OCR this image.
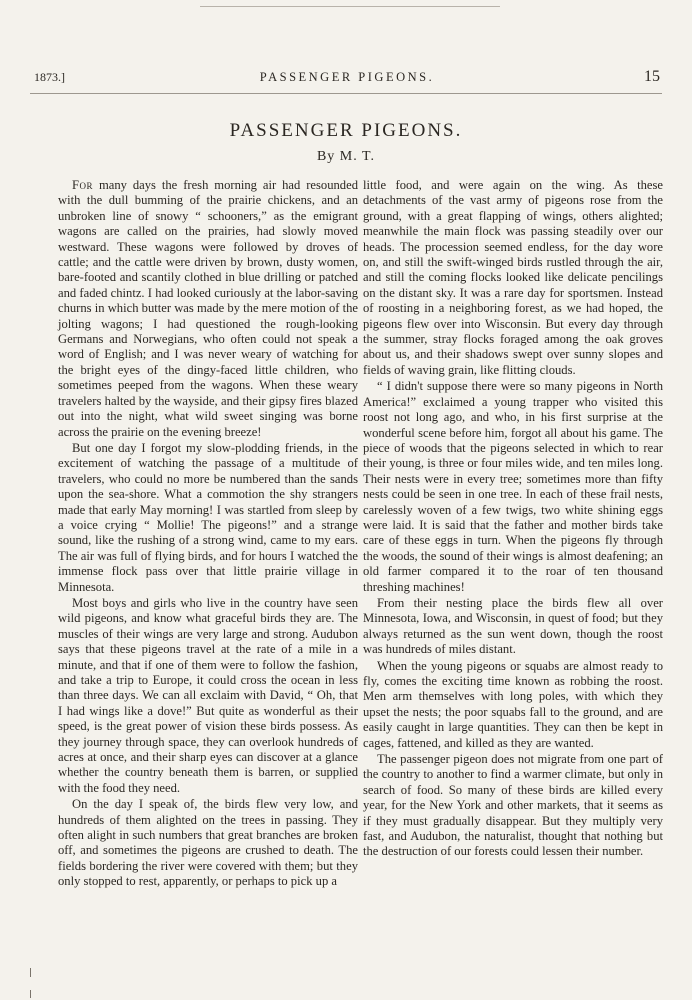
1873.]	PASSENGER PIGEONS.	15
PASSENGER PIGEONS.
By M. T.

For many days the fresh morning air had resounded with the dull bumming of the prairie chickens, and an unbroken line of snowy “ schooners,” as the emigrant wagons are called on the prairies, had slowly moved westward. These wagons were followed by droves of cattle; and the cattle were driven by brown, dusty women, bare-footed and scantily clothed in blue drilling or patched and faded chintz. I had looked curiously at the labor-saving churns in which butter was made by the mere motion of the jolting wagons; I had questioned the rough-looking Germans and Norwegians, who often could not speak a word of English; and I was never weary of watching for the bright eyes of the dingy-faced little children, who sometimes peeped from the wagons. When these weary travelers halted by the wayside, and their gipsy fires blazed out into the night, what wild sweet singing was borne across the prairie on the evening breeze!

But one day I forgot my slow-plodding friends, in the excitement of watching the passage of a multitude of travelers, who could no more be numbered than the sands upon the sea-shore. What a commotion the shy strangers made that early May morning! I was startled from sleep by a voice crying “ Mollie! The pigeons!” and a strange sound, like the rushing of a strong wind, came to my ears. The air was full of flying birds, and for hours I watched the immense flock pass over that little prairie village in Minnesota.

Most boys and girls who live in the country have seen wild pigeons, and know what graceful birds they are. The muscles of their wings are very large and strong. Audubon says that these pigeons travel at the rate of a mile in a minute, and that if one of them were to follow the fashion, and take a trip to Europe, it could cross the ocean in less than three days. We can all exclaim with David, “ Oh, that I had wings like a dove!” But quite as wonderful as their speed, is the great power of vision these birds possess. As they journey through space, they can overlook hundreds of acres at once, and their sharp eyes can discover at a glance whether the country beneath them is barren, or supplied with the food they need.

On the day I speak of, the birds flew very low, and hundreds of them alighted on the trees in passing. They often alight in such numbers that great branches are broken off, and sometimes the pigeons are crushed to death. The fields bordering the river were covered with them; but they only stopped to rest, apparently, or perhaps to pick up a

little food, and were again on the wing. As these detachments of the vast army of pigeons rose from the ground, with a great flapping of wings, others alighted; meanwhile the main flock was passing steadily over our heads. The procession seemed endless, for the day wore on, and still the swift-winged birds rustled through the air, and still the coming flocks looked like delicate pencilings on the distant sky. It was a rare day for sportsmen. Instead of roosting in a neighboring forest, as we had hoped, the pigeons flew over into Wisconsin. But every day through the summer, stray flocks foraged among the oak groves about us, and their shadows swept over sunny slopes and fields of waving grain, like flitting clouds.

“ I didn't suppose there were so many pigeons in North America!” exclaimed a young trapper who visited this roost not long ago, and who, in his first surprise at the wonderful scene before him, forgot all about his game. The piece of woods that the pigeons selected in which to rear their young, is three or four miles wide, and ten miles long. Their nests were in every tree; sometimes more than fifty nests could be seen in one tree. In each of these frail nests, carelessly woven of a few twigs, two white shining eggs were laid. It is said that the father and mother birds take care of these eggs in turn. When the pigeons fly through the woods, the sound of their wings is almost deafening; an old farmer compared it to the roar of ten thousand threshing machines!

From their nesting place the birds flew all over Minnesota, Iowa, and Wisconsin, in quest of food; but they always returned as the sun went down, though the roost was hundreds of miles distant.

When the young pigeons or squabs are almost ready to fly, comes the exciting time known as robbing the roost. Men arm themselves with long poles, with which they upset the nests; the poor squabs fall to the ground, and are easily caught in large quantities. They can then be kept in cages, fattened, and killed as they are wanted.

The passenger pigeon does not migrate from one part of the country to another to find a warmer climate, but only in search of food. So many of these birds are killed every year, for the New York and other markets, that it seems as if they must gradually disappear. But they multiply very fast, and Audubon, the naturalist, thought that nothing but the destruction of our forests could lessen their number.
